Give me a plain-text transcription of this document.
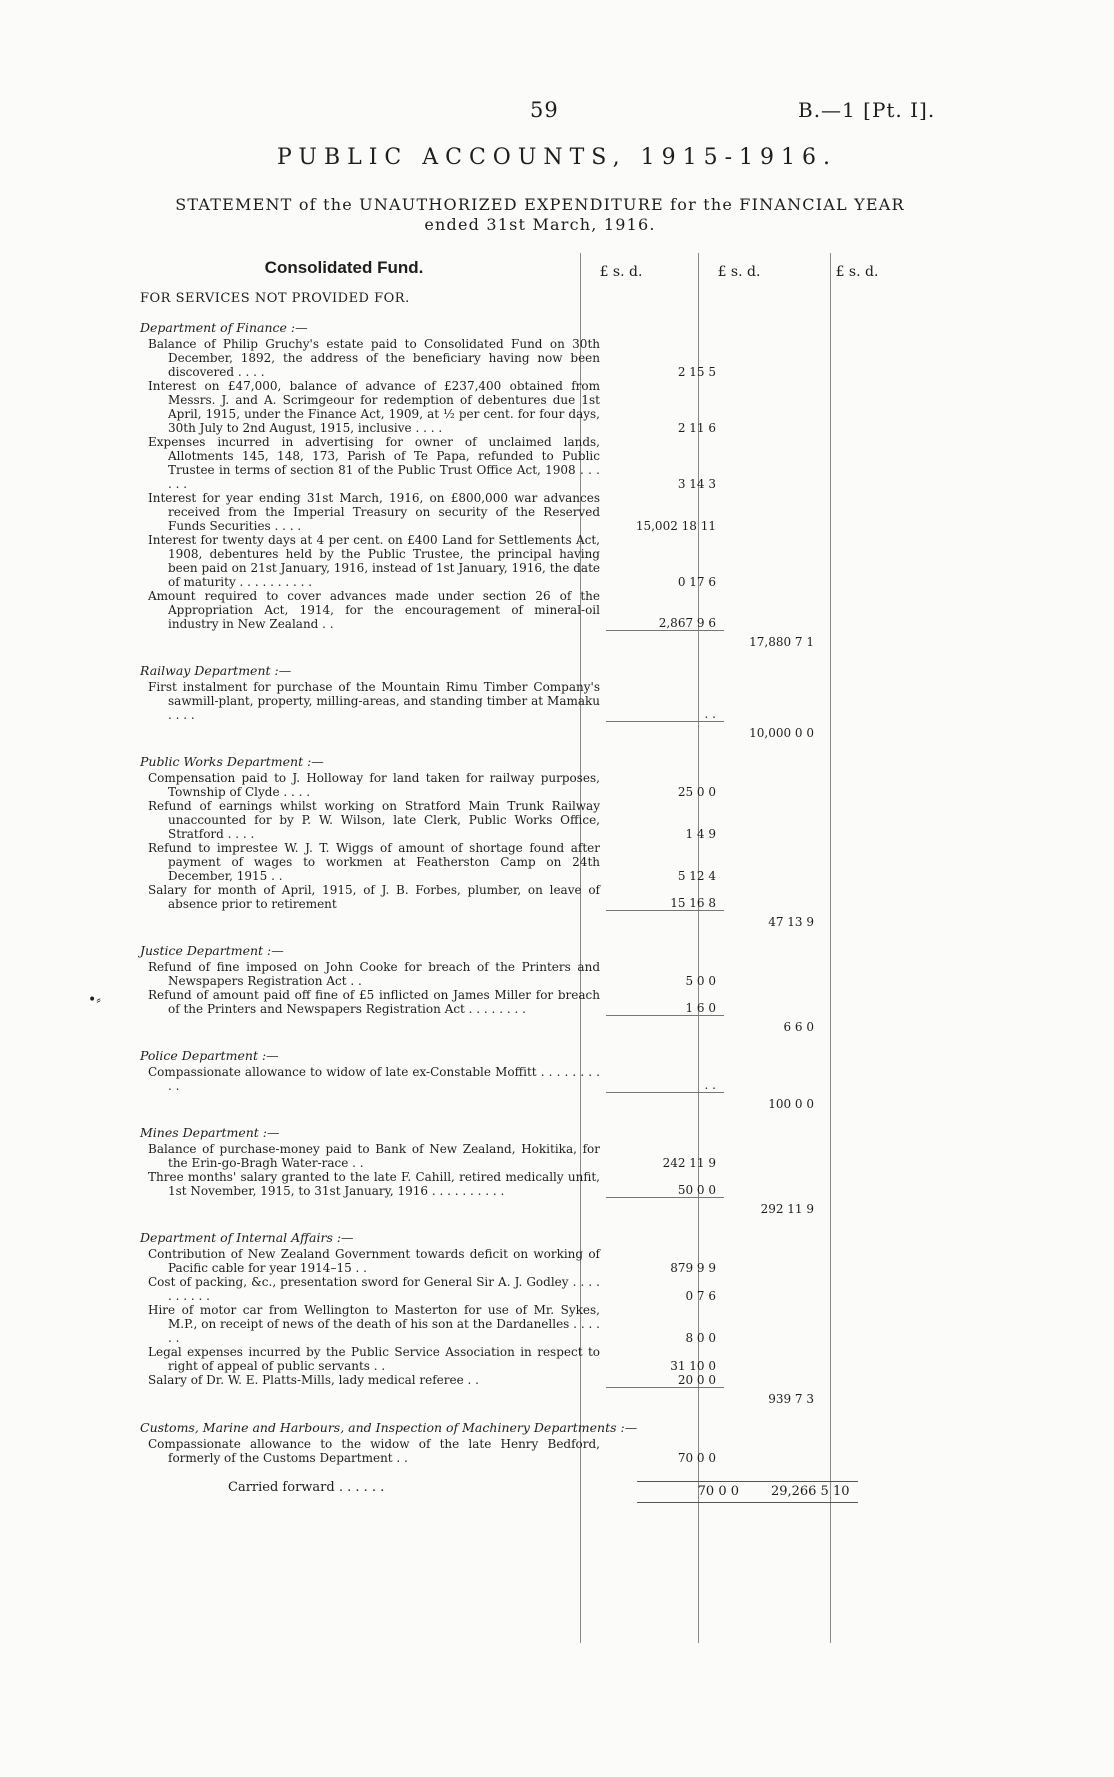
59	B.—1 [Pt. I].
PUBLIC ACCOUNTS, 1915-1916.
STATEMENT of the UNAUTHORIZED EXPENDITURE for the FINANCIAL YEAR
ended 31st March, 1916.
•⸗
Consolidated Fund.	£ s. d.	£ s. d.	£ s. d.
FOR SERVICES NOT PROVIDED FOR.
Department of Finance :—
Balance of Philip Gruchy's estate paid to Consolidated Fund on 30th December, 1892, the address of the beneficiary having now been discovered . . . .	2 15 5
Interest on £47,000, balance of advance of £237,400 obtained from Messrs. J. and A. Scrimgeour for redemption of debentures due 1st April, 1915, under the Finance Act, 1909, at ½ per cent. for four days, 30th July to 2nd August, 1915, inclusive . . . .	2 11 6
Expenses incurred in advertising for owner of unclaimed lands, Allotments 145, 148, 173, Parish of Te Papa, refunded to Public Trustee in terms of section 81 of the Public Trust Office Act, 1908 . . . . . .	3 14 3
Interest for year ending 31st March, 1916, on £800,000 war advances received from the Imperial Treasury on security of the Reserved Funds Securities . . . .	15,002 18 11
Interest for twenty days at 4 per cent. on £400 Land for Settlements Act, 1908, debentures held by the Public Trustee, the principal having been paid on 21st January, 1916, instead of 1st January, 1916, the date of maturity . . . . . . . . . .	0 17 6
Amount required to cover advances made under section 26 of the Appropriation Act, 1914, for the encouragement of mineral-oil industry in New Zealand . .	2,867 9 6
17,880 7 1
Railway Department :—
First instalment for purchase of the Mountain Rimu Timber Company's sawmill-plant, property, milling-areas, and standing timber at Mamaku . . . .	. .
10,000 0 0
Public Works Department :—
Compensation paid to J. Holloway for land taken for railway purposes, Township of Clyde . . . .	25 0 0
Refund of earnings whilst working on Stratford Main Trunk Railway unaccounted for by P. W. Wilson, late Clerk, Public Works Office, Stratford . . . .	1 4 9
Refund to imprestee W. J. T. Wiggs of amount of shortage found after payment of wages to workmen at Featherston Camp on 24th December, 1915 . .	5 12 4
Salary for month of April, 1915, of J. B. Forbes, plumber, on leave of absence prior to retirement	15 16 8
47 13 9
Justice Department :—
Refund of fine imposed on John Cooke for breach of the Printers and Newspapers Registration Act . .	5 0 0
Refund of amount paid off fine of £5 inflicted on James Miller for breach of the Printers and Newspapers Registration Act . . . . . . . .	1 6 0
6 6 0
Police Department :—
Compassionate allowance to widow of late ex-Constable Moffitt . . . . . . . . . .	. .
100 0 0
Mines Department :—
Balance of purchase-money paid to Bank of New Zealand, Hokitika, for the Erin-go-Bragh Water-race . .	242 11 9
Three months' salary granted to the late F. Cahill, retired medically unfit, 1st November, 1915, to 31st January, 1916 . . . . . . . . . .	50 0 0
292 11 9
Department of Internal Affairs :—
Contribution of New Zealand Government towards deficit on working of Pacific cable for year 1914–15 . .	879 9 9
Cost of packing, &c., presentation sword for General Sir A. J. Godley . . . . . . . . . .	0 7 6
Hire of motor car from Wellington to Masterton for use of Mr. Sykes, M.P., on receipt of news of the death of his son at the Dardanelles . . . . . .	8 0 0
Legal expenses incurred by the Public Service Association in respect to right of appeal of public servants . .	31 10 0
Salary of Dr. W. E. Platts-Mills, lady medical referee . .	20 0 0
939 7 3
Customs, Marine and Harbours, and Inspection of Machinery Departments :—
Compassionate allowance to the widow of the late Henry Bedford, formerly of the Customs Department . .	70 0 0
Carried forward . . . . . .	70 0 0	29,266 5 10
